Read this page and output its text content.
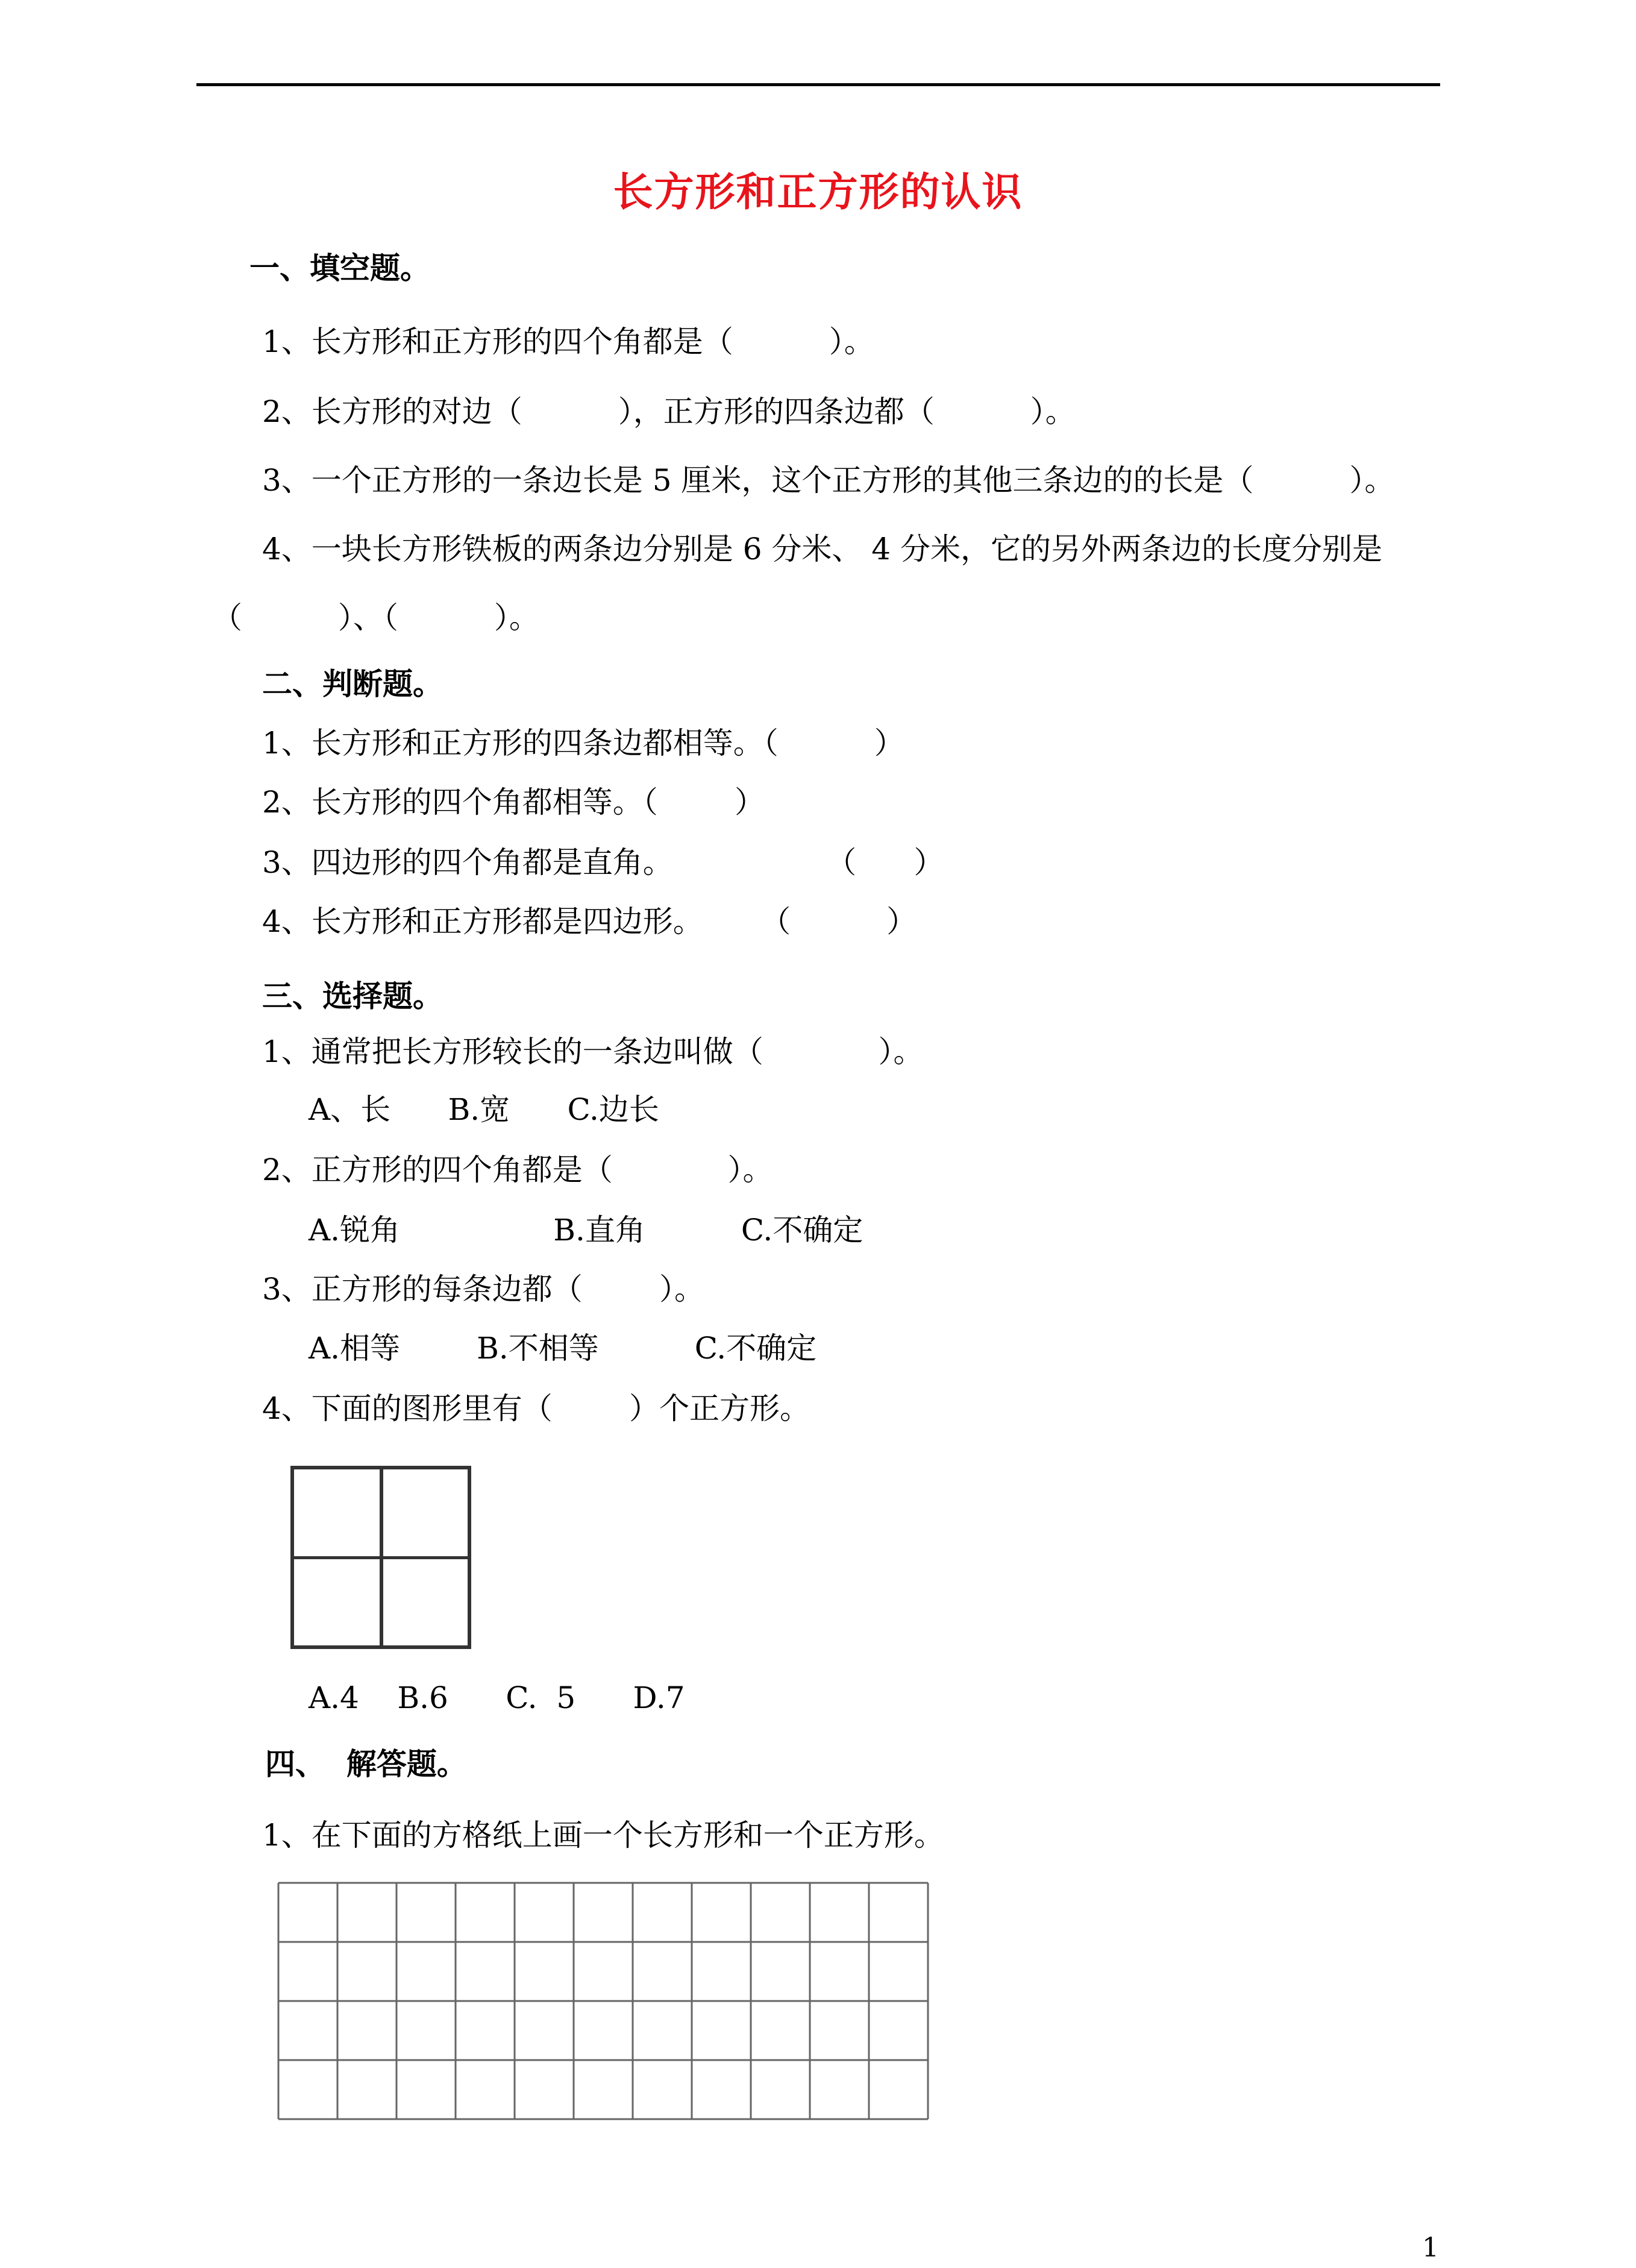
长方形和正方形的认识
一、填空题。
1、长方形和正方形的四个角都是（          ）。
2、长方形的对边（          ），正方形的四条边都（          ）。
3、一个正方形的一条边长是 5 厘米，这个正方形的其他三条边的的长是（          ）。
4、一块长方形铁板的两条边分别是 6 分米、 4 分米，它的另外两条边的长度分别是
（          ）、（          ）。
二、判断题。
1、长方形和正方形的四条边都相等。（          ）
2、长方形的四个角都相等。（        ）
3、四边形的四个角都是直角。                （      ）
4、长方形和正方形都是四边形。      （          ）
三、选择题。
1、通常把长方形较长的一条边叫做（            ）。
A、长      B.宽      C.边长
2、正方形的四个角都是（            ）。
A.锐角                B.直角          C.不确定
3、正方形的每条边都（        ）。
A.相等        B.不相等          C.不确定
4、下面的图形里有（        ）个正方形。
A.4    B.6      C.  5      D.7
四、  解答题。
1、在下面的方格纸上画一个长方形和一个正方形。
1
